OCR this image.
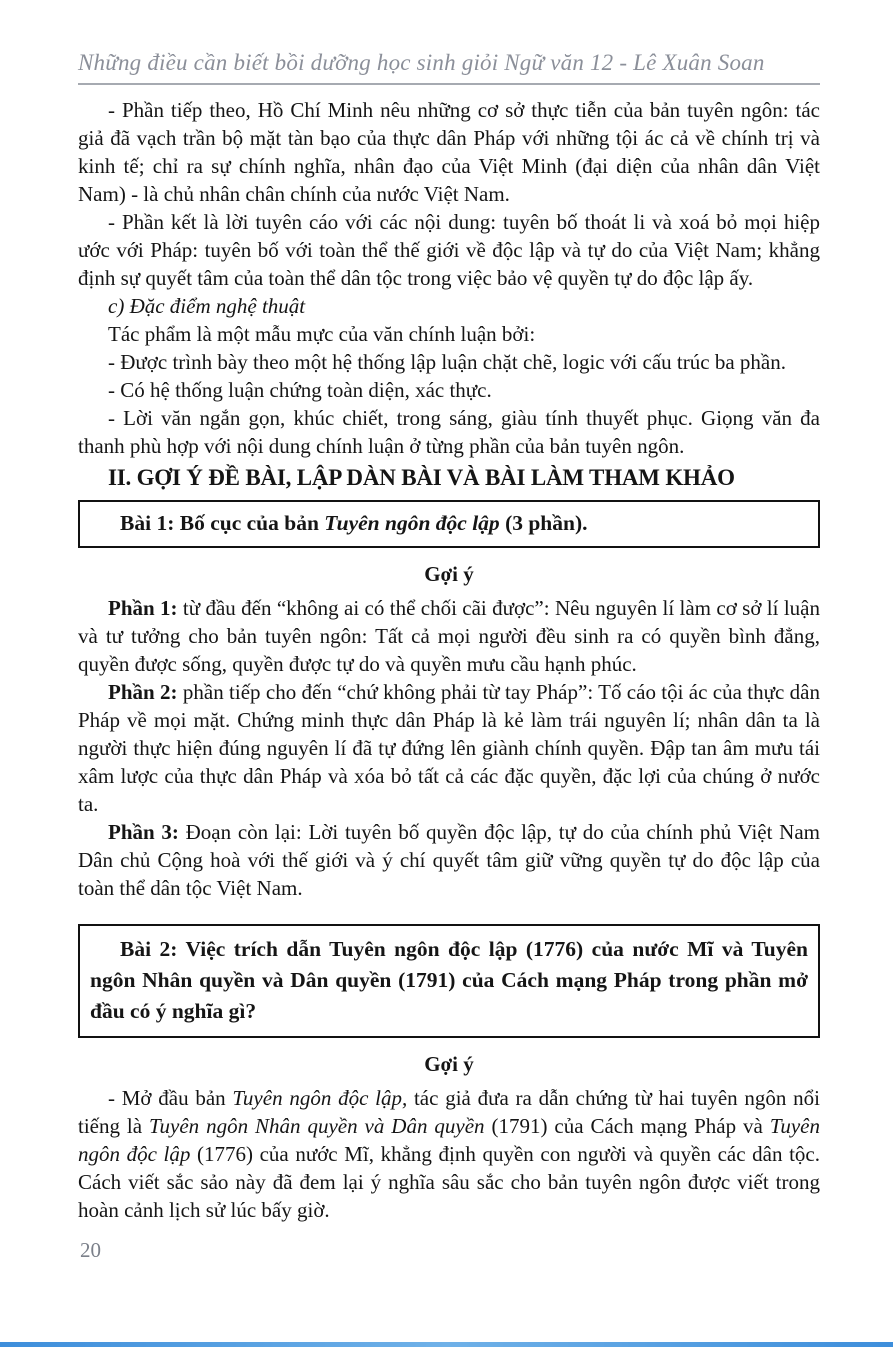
Những điều cần biết bồi dưỡng học sinh giỏi Ngữ văn 12 - Lê Xuân Soan

- Phần tiếp theo, Hồ Chí Minh nêu những cơ sở thực tiễn của bản tuyên ngôn: tác giả đã vạch trần bộ mặt tàn bạo của thực dân Pháp với những tội ác cả về chính trị và kinh tế; chỉ ra sự chính nghĩa, nhân đạo của Việt Minh (đại diện của nhân dân Việt Nam) - là chủ nhân chân chính của nước Việt Nam.

- Phần kết là lời tuyên cáo với các nội dung: tuyên bố thoát li và xoá bỏ mọi hiệp ước với Pháp: tuyên bố với toàn thể thế giới về độc lập và tự do của Việt Nam; khẳng định sự quyết tâm của toàn thể dân tộc trong việc bảo vệ quyền tự do độc lập ấy.

c) Đặc điểm nghệ thuật

Tác phẩm là một mẫu mực của văn chính luận bởi:

- Được trình bày theo một hệ thống lập luận chặt chẽ, logic với cấu trúc ba phần.

- Có hệ thống luận chứng toàn diện, xác thực.

- Lời văn ngắn gọn, khúc chiết, trong sáng, giàu tính thuyết phục. Giọng văn đa thanh phù hợp với nội dung chính luận ở từng phần của bản tuyên ngôn.

II. GỢI Ý ĐỀ BÀI, LẬP DÀN BÀI VÀ BÀI LÀM THAM KHẢO

Bài 1: Bố cục của bản Tuyên ngôn độc lập (3 phần).

Gợi ý

Phần 1: từ đầu đến “không ai có thể chối cãi được”: Nêu nguyên lí làm cơ sở lí luận và tư tưởng cho bản tuyên ngôn: Tất cả mọi người đều sinh ra có quyền bình đẳng, quyền được sống, quyền được tự do và quyền mưu cầu hạnh phúc.

Phần 2: phần tiếp cho đến “chứ không phải từ tay Pháp”: Tố cáo tội ác của thực dân Pháp về mọi mặt. Chứng minh thực dân Pháp là kẻ làm trái nguyên lí; nhân dân ta là người thực hiện đúng nguyên lí đã tự đứng lên giành chính quyền. Đập tan âm mưu tái xâm lược của thực dân Pháp và xóa bỏ tất cả các đặc quyền, đặc lợi của chúng ở nước ta.

Phần 3: Đoạn còn lại: Lời tuyên bố quyền độc lập, tự do của chính phủ Việt Nam Dân chủ Cộng hoà với thế giới và ý chí quyết tâm giữ vững quyền tự do độc lập của toàn thể dân tộc Việt Nam.

Bài 2: Việc trích dẫn Tuyên ngôn độc lập (1776) của nước Mĩ và Tuyên ngôn Nhân quyền và Dân quyền (1791) của Cách mạng Pháp trong phần mở đầu có ý nghĩa gì?

Gợi ý

- Mở đầu bản Tuyên ngôn độc lập, tác giả đưa ra dẫn chứng từ hai tuyên ngôn nổi tiếng là Tuyên ngôn Nhân quyền và Dân quyền (1791) của Cách mạng Pháp và Tuyên ngôn độc lập (1776) của nước Mĩ, khẳng định quyền con người và quyền các dân tộc. Cách viết sắc sảo này đã đem lại ý nghĩa sâu sắc cho bản tuyên ngôn được viết trong hoàn cảnh lịch sử lúc bấy giờ.

20
